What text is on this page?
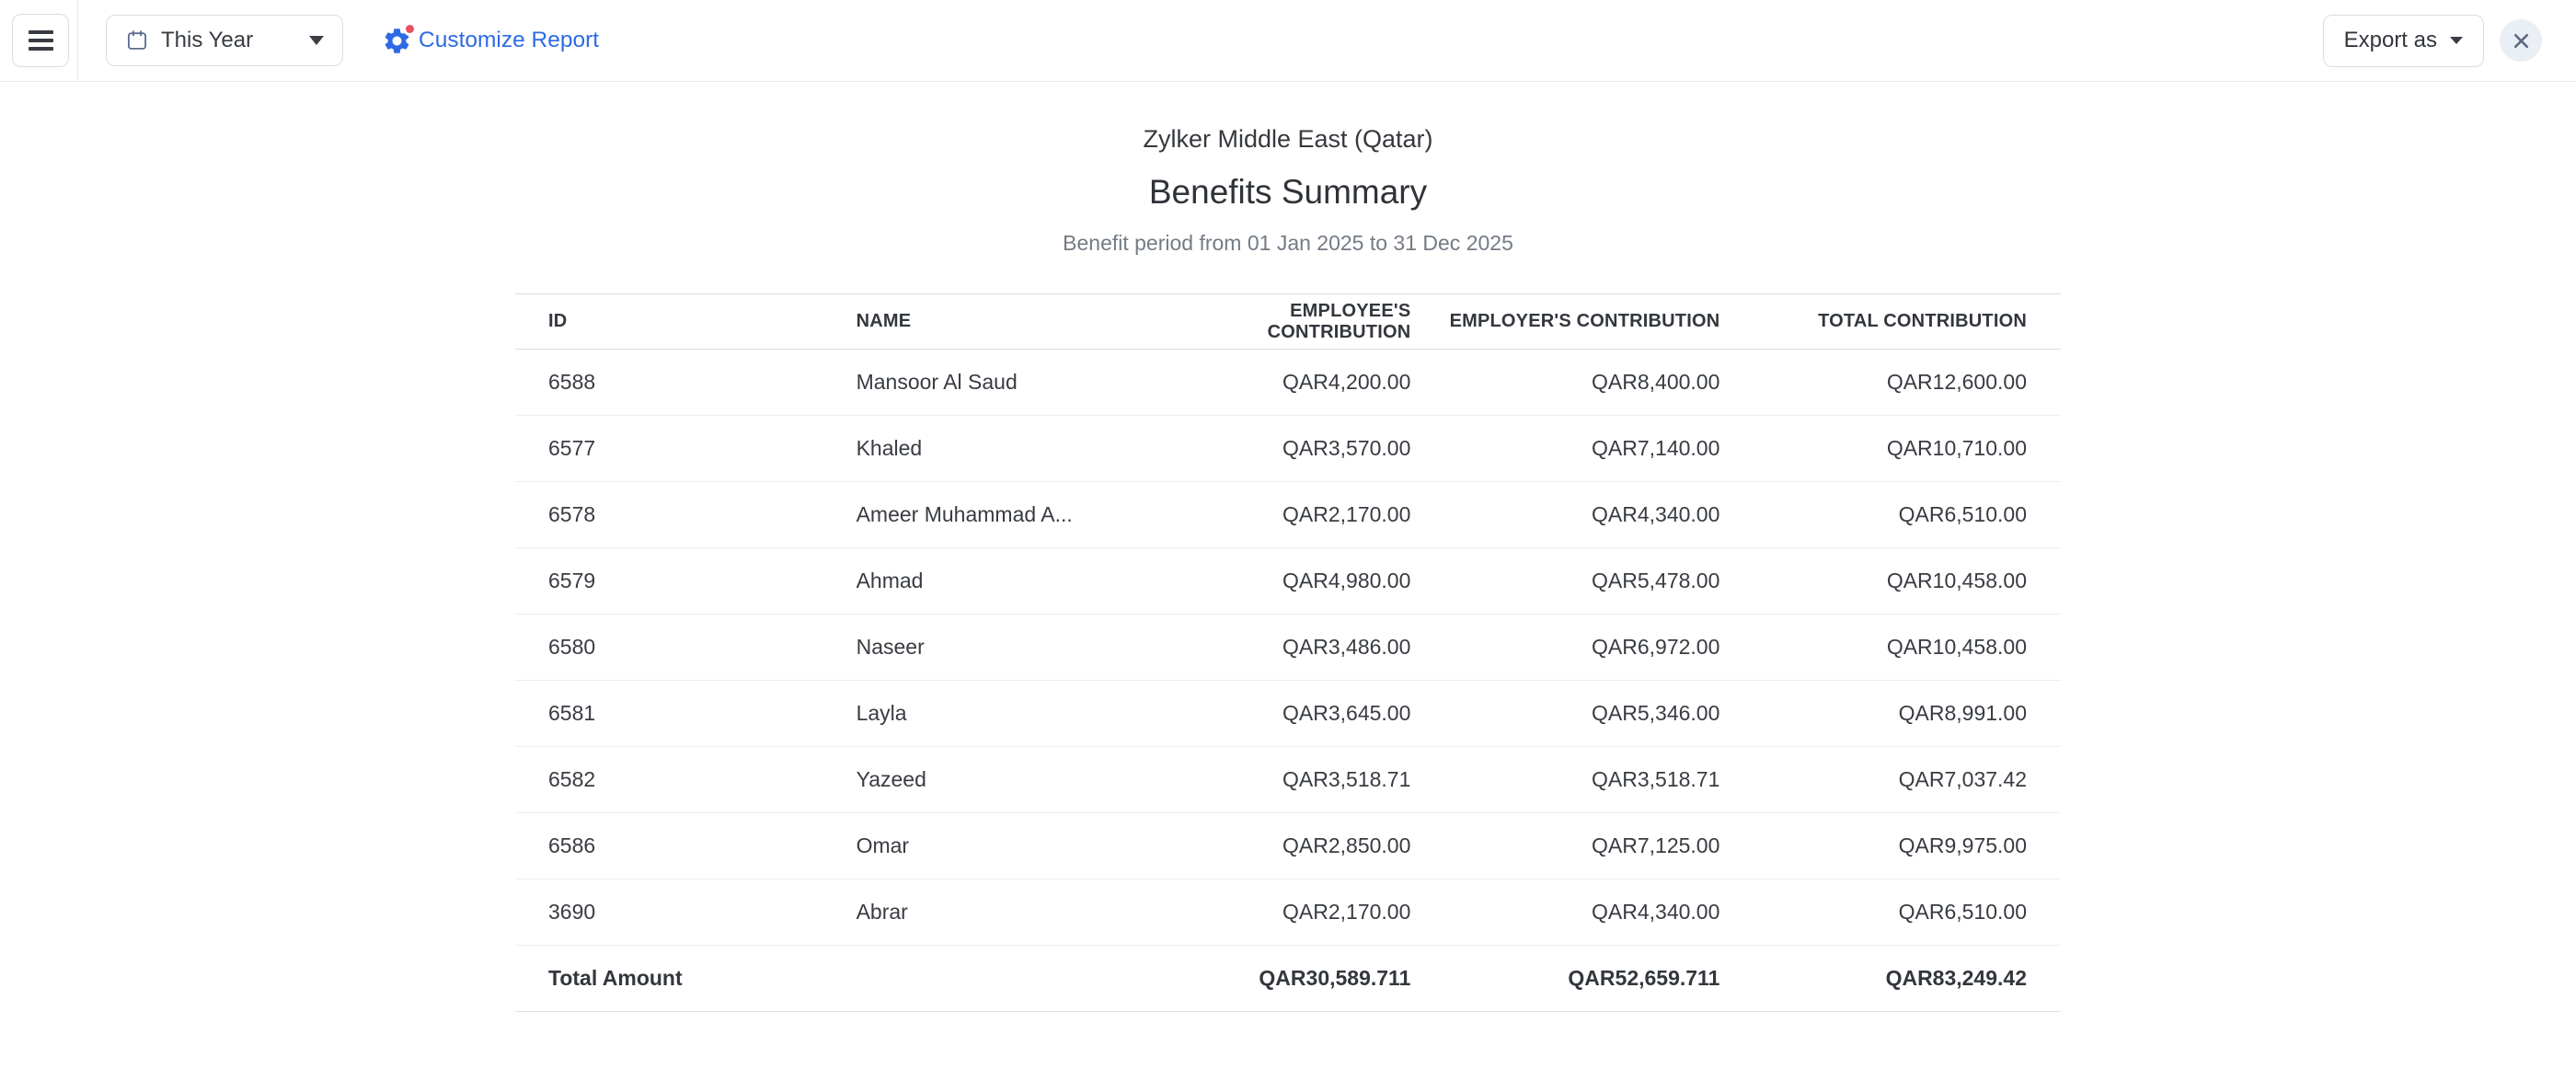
This Year	Customize Report	Export as
Zylker Middle East (Qatar)
Benefits Summary
Benefit period from 01 Jan 2025 to 31 Dec 2025
ID	NAME	EMPLOYEE'S CONTRIBUTION	EMPLOYER'S CONTRIBUTION	TOTAL CONTRIBUTION
6588	Mansoor Al Saud	QAR4,200.00	QAR8,400.00	QAR12,600.00
6577	Khaled	QAR3,570.00	QAR7,140.00	QAR10,710.00
6578	Ameer Muhammad A...	QAR2,170.00	QAR4,340.00	QAR6,510.00
6579	Ahmad	QAR4,980.00	QAR5,478.00	QAR10,458.00
6580	Naseer	QAR3,486.00	QAR6,972.00	QAR10,458.00
6581	Layla	QAR3,645.00	QAR5,346.00	QAR8,991.00
6582	Yazeed	QAR3,518.71	QAR3,518.71	QAR7,037.42
6586	Omar	QAR2,850.00	QAR7,125.00	QAR9,975.00
3690	Abrar	QAR2,170.00	QAR4,340.00	QAR6,510.00
Total Amount		QAR30,589.711	QAR52,659.711	QAR83,249.42
